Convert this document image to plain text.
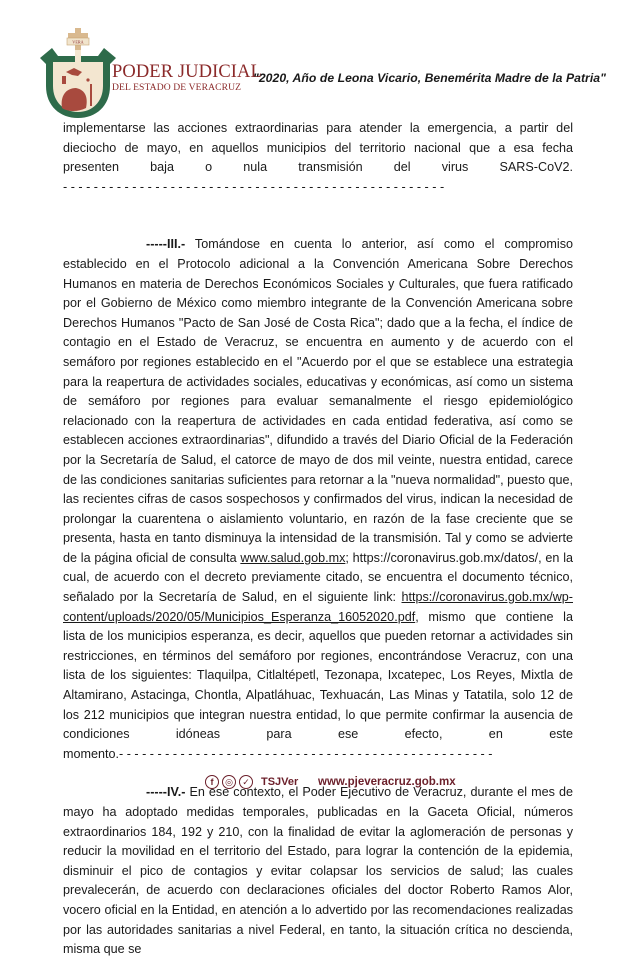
VERA
PODER JUDICIAL
DEL ESTADO DE VERACRUZ
"2020, Año de Leona Vicario, Benemérita Madre de la Patria"

implementarse las acciones extraordinarias para atender la emergencia, a partir del dieciocho de mayo, en aquellos municipios del territorio nacional que a esa fecha presenten baja o nula transmisión del virus SARS-CoV2. - - - - - - - - - - - - - - - - - - - - - - - - - - - - - - - - - - - - - - - - - - - - - - - - - -

-----III.- Tomándose en cuenta lo anterior, así como el compromiso establecido en el Protocolo adicional a la Convención Americana Sobre Derechos Humanos en materia de Derechos Económicos Sociales y Culturales, que fuera ratificado por el Gobierno de México como miembro integrante de la Convención Americana sobre Derechos Humanos "Pacto de San José de Costa Rica"; dado que a la fecha, el índice de contagio en el Estado de Veracruz, se encuentra en aumento y de acuerdo con el semáforo por regiones establecido en el "Acuerdo por el que se establece una estrategia para la reapertura de actividades sociales, educativas y económicas, así como un sistema de semáforo por regiones para evaluar semanalmente el riesgo epidemiológico relacionado con la reapertura de actividades en cada entidad federativa, así como se establecen acciones extraordinarias", difundido a través del Diario Oficial de la Federación por la Secretaría de Salud, el catorce de mayo de dos mil veinte, nuestra entidad, carece de las condiciones sanitarias suficientes para retornar a la "nueva normalidad", puesto que, las recientes cifras de casos sospechosos y confirmados del virus, indican la necesidad de prolongar la cuarentena o aislamiento voluntario, en razón de la fase creciente que se presenta, hasta en tanto disminuya la intensidad de la transmisión. Tal y como se advierte de la página oficial de consulta www.salud.gob.mx; https://coronavirus.gob.mx/datos/, en la cual, de acuerdo con el decreto previamente citado, se encuentra el documento técnico, señalado por la Secretaría de Salud, en el siguiente link: https://coronavirus.gob.mx/wp-content/uploads/2020/05/Municipios_Esperanza_16052020.pdf, mismo que contiene la lista de los municipios esperanza, es decir, aquellos que pueden retornar a actividades sin restricciones, en términos del semáforo por regiones, encontrándose Veracruz, con una lista de los siguientes: Tlaquilpa, Citlaltépetl, Tezonapa, Ixcatepec, Los Reyes, Mixtla de Altamirano, Astacinga, Chontla, Alpatláhuac, Texhuacán, Las Minas y Tatatila, solo 12 de los 212 municipios que integran nuestra entidad, lo que permite confirmar la ausencia de condiciones idóneas para ese efecto, en este momento.- - - - - - - - - - - - - - - - - - - - - - - - - - - - - - - - - - - - - - - - - - - - - - - - -

-----IV.- En ese contexto, el Poder Ejecutivo de Veracruz, durante el mes de mayo ha adoptado medidas temporales, publicadas en la Gaceta Oficial, números extraordinarios 184, 192 y 210, con la finalidad de evitar la aglomeración de personas y reducir la movilidad en el territorio del Estado, para lograr la contención de la epidemia, disminuir el pico de contagios y evitar colapsar los servicios de salud; las cuales prevalecerán, de acuerdo con declaraciones oficiales del doctor Roberto Ramos Alor, vocero oficial en la Entidad, en atención a lo advertido por las recomendaciones realizadas por las autoridades sanitarias a nivel Federal, en tanto, la situación crítica no descienda, misma que se

f	◎	✓ TSJVer www.pjeveracruz.gob.mx
